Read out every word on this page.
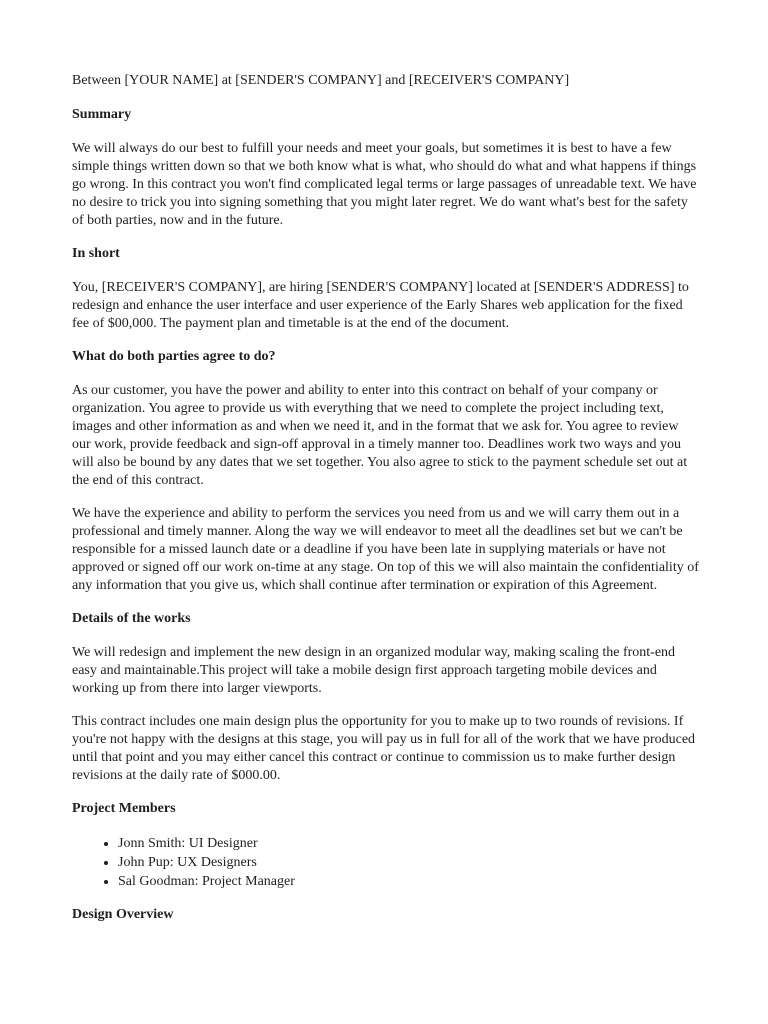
Between [YOUR NAME] at [SENDER'S COMPANY] and [RECEIVER'S COMPANY]

Summary

We will always do our best to fulfill your needs and meet your goals, but sometimes it is best to have a few simple things written down so that we both know what is what, who should do what and what happens if things go wrong. In this contract you won't find complicated legal terms or large passages of unreadable text. We have no desire to trick you into signing something that you might later regret. We do want what's best for the safety of both parties, now and in the future.

In short

You, [RECEIVER'S COMPANY], are hiring [SENDER'S COMPANY] located at [SENDER'S ADDRESS] to redesign and enhance the user interface and user experience of the Early Shares web application for the fixed fee of $00,000. The payment plan and timetable is at the end of the document.

What do both parties agree to do?

As our customer, you have the power and ability to enter into this contract on behalf of your company or organization. You agree to provide us with everything that we need to complete the project including text, images and other information as and when we need it, and in the format that we ask for. You agree to review our work, provide feedback and sign-off approval in a timely manner too. Deadlines work two ways and you will also be bound by any dates that we set together. You also agree to stick to the payment schedule set out at the end of this contract.

We have the experience and ability to perform the services you need from us and we will carry them out in a professional and timely manner. Along the way we will endeavor to meet all the deadlines set but we can't be responsible for a missed launch date or a deadline if you have been late in supplying materials or have not approved or signed off our work on-time at any stage. On top of this we will also maintain the confidentiality of any information that you give us, which shall continue after termination or expiration of this Agreement.

Details of the works

We will redesign and implement the new design in an organized modular way, making scaling the front-end easy and maintainable.This project will take a mobile design first approach targeting mobile devices and working up from there into larger viewports.

This contract includes one main design plus the opportunity for you to make up to two rounds of revisions. If you're not happy with the designs at this stage, you will pay us in full for all of the work that we have produced until that point and you may either cancel this contract or continue to commission us to make further design revisions at the daily rate of $000.00.

Project Members
• Jonn Smith: UI Designer
• John Pup: UX Designers
• Sal Goodman: Project Manager
Design Overview
